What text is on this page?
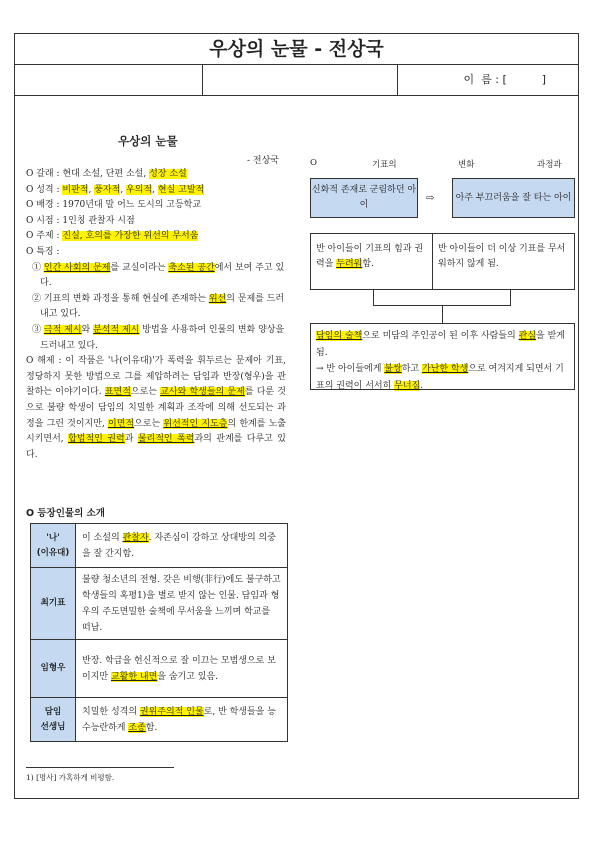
우상의 눈물 - 전상국
이  름 : [          ]
우상의 눈물
- 전상국

O 갈래 : 현대 소설, 단편 소설, 성장 소설

O 성격 : 비판적, 풍자적, 우의적, 현실 고발적

O 배경 : 1970년대 말 어느 도시의 고등학교

O 시점 : 1인칭 관찰자 시점

O 주제 : 진실, 호의를 가장한 위선의 무서움

O 특징 :

① 인간 사회의 문제를 교실이라는 축소된 공간에서 보여 주고 있다.

② 기표의 변화 과정을 통해 현실에 존재하는 위선의 문제를 드러내고 있다.

③ 극적 제시와 분석적 제시 방법을 사용하여 인물의 변화 양상을 드러내고 있다.

O 해제 : 이 작품은 '나(이유대)'가 폭력을 휘두르는 문제아 기표, 정당하지 못한 방법으로 그를 제압하려는 담임과 반장(형우)을 관찰하는 이야기이다. 표면적으로는 교사와 학생들의 문제를 다룬 것으로 불량 학생이 담임의 치밀한 계획과 조작에 의해 선도되는 과정을 그린 것이지만, 이면적으로는 위선적인 지도층의 한계를 노출시키면서, 합법적인 권력과 물리적인 폭력과의 관계를 다루고 있다.

O	기표의	변화	과정과
신화적 존재로 군림하던 아이
⇨	아주 부끄러움을 잘 타는 아이
반 아이들이 기표의 힘과 권력을 두려워함.
반 아이들이 더 이상 기표를 무서워하지 않게 됨.
담임의 술책으로 미담의 주인공이 된 이후 사람들의 관심을 받게 됨.
→ 반 아이들에게 불쌍하고 가난한 학생으로 여겨지게 되면서 기표의 권력이 서서히 무너짐.
O 등장인물의 소개
'나'
(이유대)	이 소설의 관찰자. 자존심이 강하고 상대방의 의중을 잘 간지함.
최기표	불량 청소년의 전형. 갖은 비행(非行)에도 불구하고 학생들의 혹평1)을 별로 받지 않는 인물. 담임과 형우의 주도면밀한 술책에 무서움을 느끼며 학교를 떠남.
임형우	반장. 학급을 헌신적으로 잘 이끄는 모범생으로 보이지만 교활한 내면을 숨기고 있음.
담임
선생님	치밀한 성격의 권위주의적 인물로, 반 학생들을 능수능란하게 조종함.
1) [명사] 가혹하게 비평함.
